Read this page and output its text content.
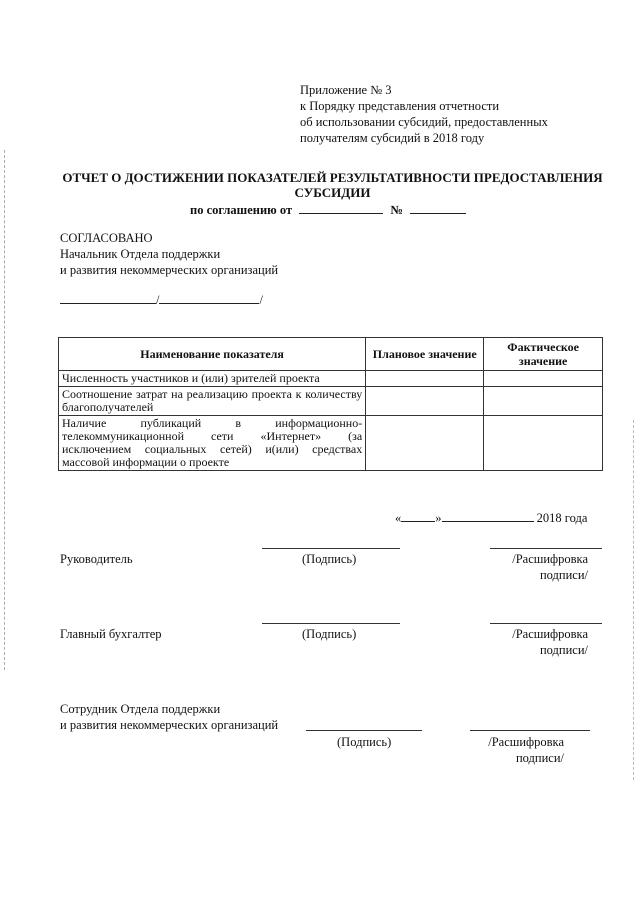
Приложение № 3
к Порядку представления отчетности
об использовании субсидий, предоставленных
получателям субсидий в 2018 году
ОТЧЕТ О ДОСТИЖЕНИИ ПОКАЗАТЕЛЕЙ РЕЗУЛЬТАТИВНОСТИ ПРЕДОСТАВЛЕНИЯ СУБСИДИИ
по соглашению от	№
СОГЛАСОВАНО
Начальник Отдела поддержки
и развития некоммерческих организаций
/	/
Наименование показателя	Плановое значение	Фактическое значение
Численность участников и (или) зрителей проекта		
Соотношение затрат на реализацию проекта к количеству благополучателей		
Наличие публикаций в информационно-телекоммуникационной сети «Интернет» (за исключением социальных сетей) и(или) средствах массовой информации о проекте		
«	»	2018 года
Руководитель	(Подпись)	/Расшифровка
подписи/
Главный бухгалтер	(Подпись)	/Расшифровка
подписи/
Сотрудник Отдела поддержки
и развития некоммерческих организаций
(Подпись)	/Расшифровка
подписи/
